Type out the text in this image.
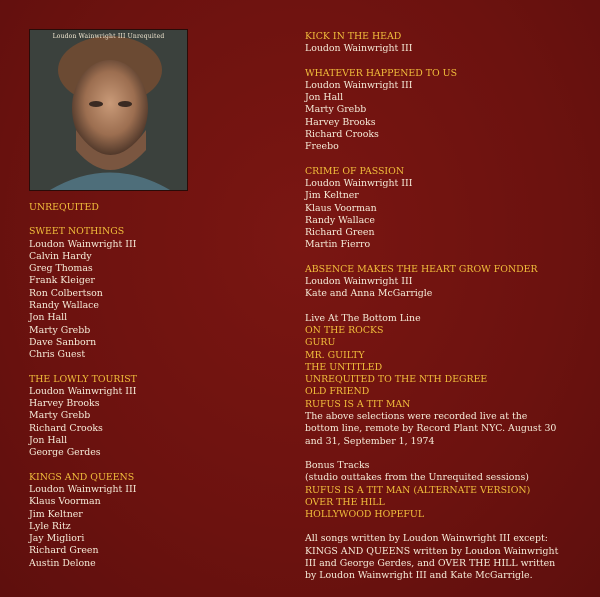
Loudon Wainwright III Unrequited
UNREQUITED
SWEET NOTHINGS
Loudon Wainwright III
Calvin Hardy
Greg Thomas
Frank Kleiger
Ron Colbertson
Randy Wallace
Jon Hall
Marty Grebb
Dave Sanborn
Chris Guest
THE LOWLY TOURIST
Loudon Wainwright III
Harvey Brooks
Marty Grebb
Richard Crooks
Jon Hall
George Gerdes
KINGS AND QUEENS
Loudon Wainwright III
Klaus Voorman
Jim Keltner
Lyle Ritz
Jay Migliori
Richard Green
Austin Delone
KICK IN THE HEAD
Loudon Wainwright III
WHATEVER HAPPENED TO US
Loudon Wainwright III
Jon Hall
Marty Grebb
Harvey Brooks
Richard Crooks
Freebo
CRIME OF PASSION
Loudon Wainwright III
Jim Keltner
Klaus Voorman
Randy Wallace
Richard Green
Martin Fierro
ABSENCE MAKES THE HEART GROW FONDER
Loudon Wainwright III
Kate and Anna McGarrigle
Live At The Bottom Line
ON THE ROCKS
GURU
MR. GUILTY
THE UNTITLED
UNREQUITED TO THE NTH DEGREE
OLD FRIEND
RUFUS IS A TIT MAN
The above selections were recorded live at the
bottom line, remote by Record Plant NYC. August 30
and 31, September 1, 1974
Bonus Tracks
(studio outtakes from the Unrequited sessions)
RUFUS IS A TIT MAN (ALTERNATE VERSION)
OVER THE HILL
HOLLYWOOD HOPEFUL
All songs written by Loudon Wainwright III except:
KINGS AND QUEENS written by Loudon Wainwright
III and George Gerdes, and OVER THE HILL written
by Loudon Wainwright III and Kate McGarrigle.
